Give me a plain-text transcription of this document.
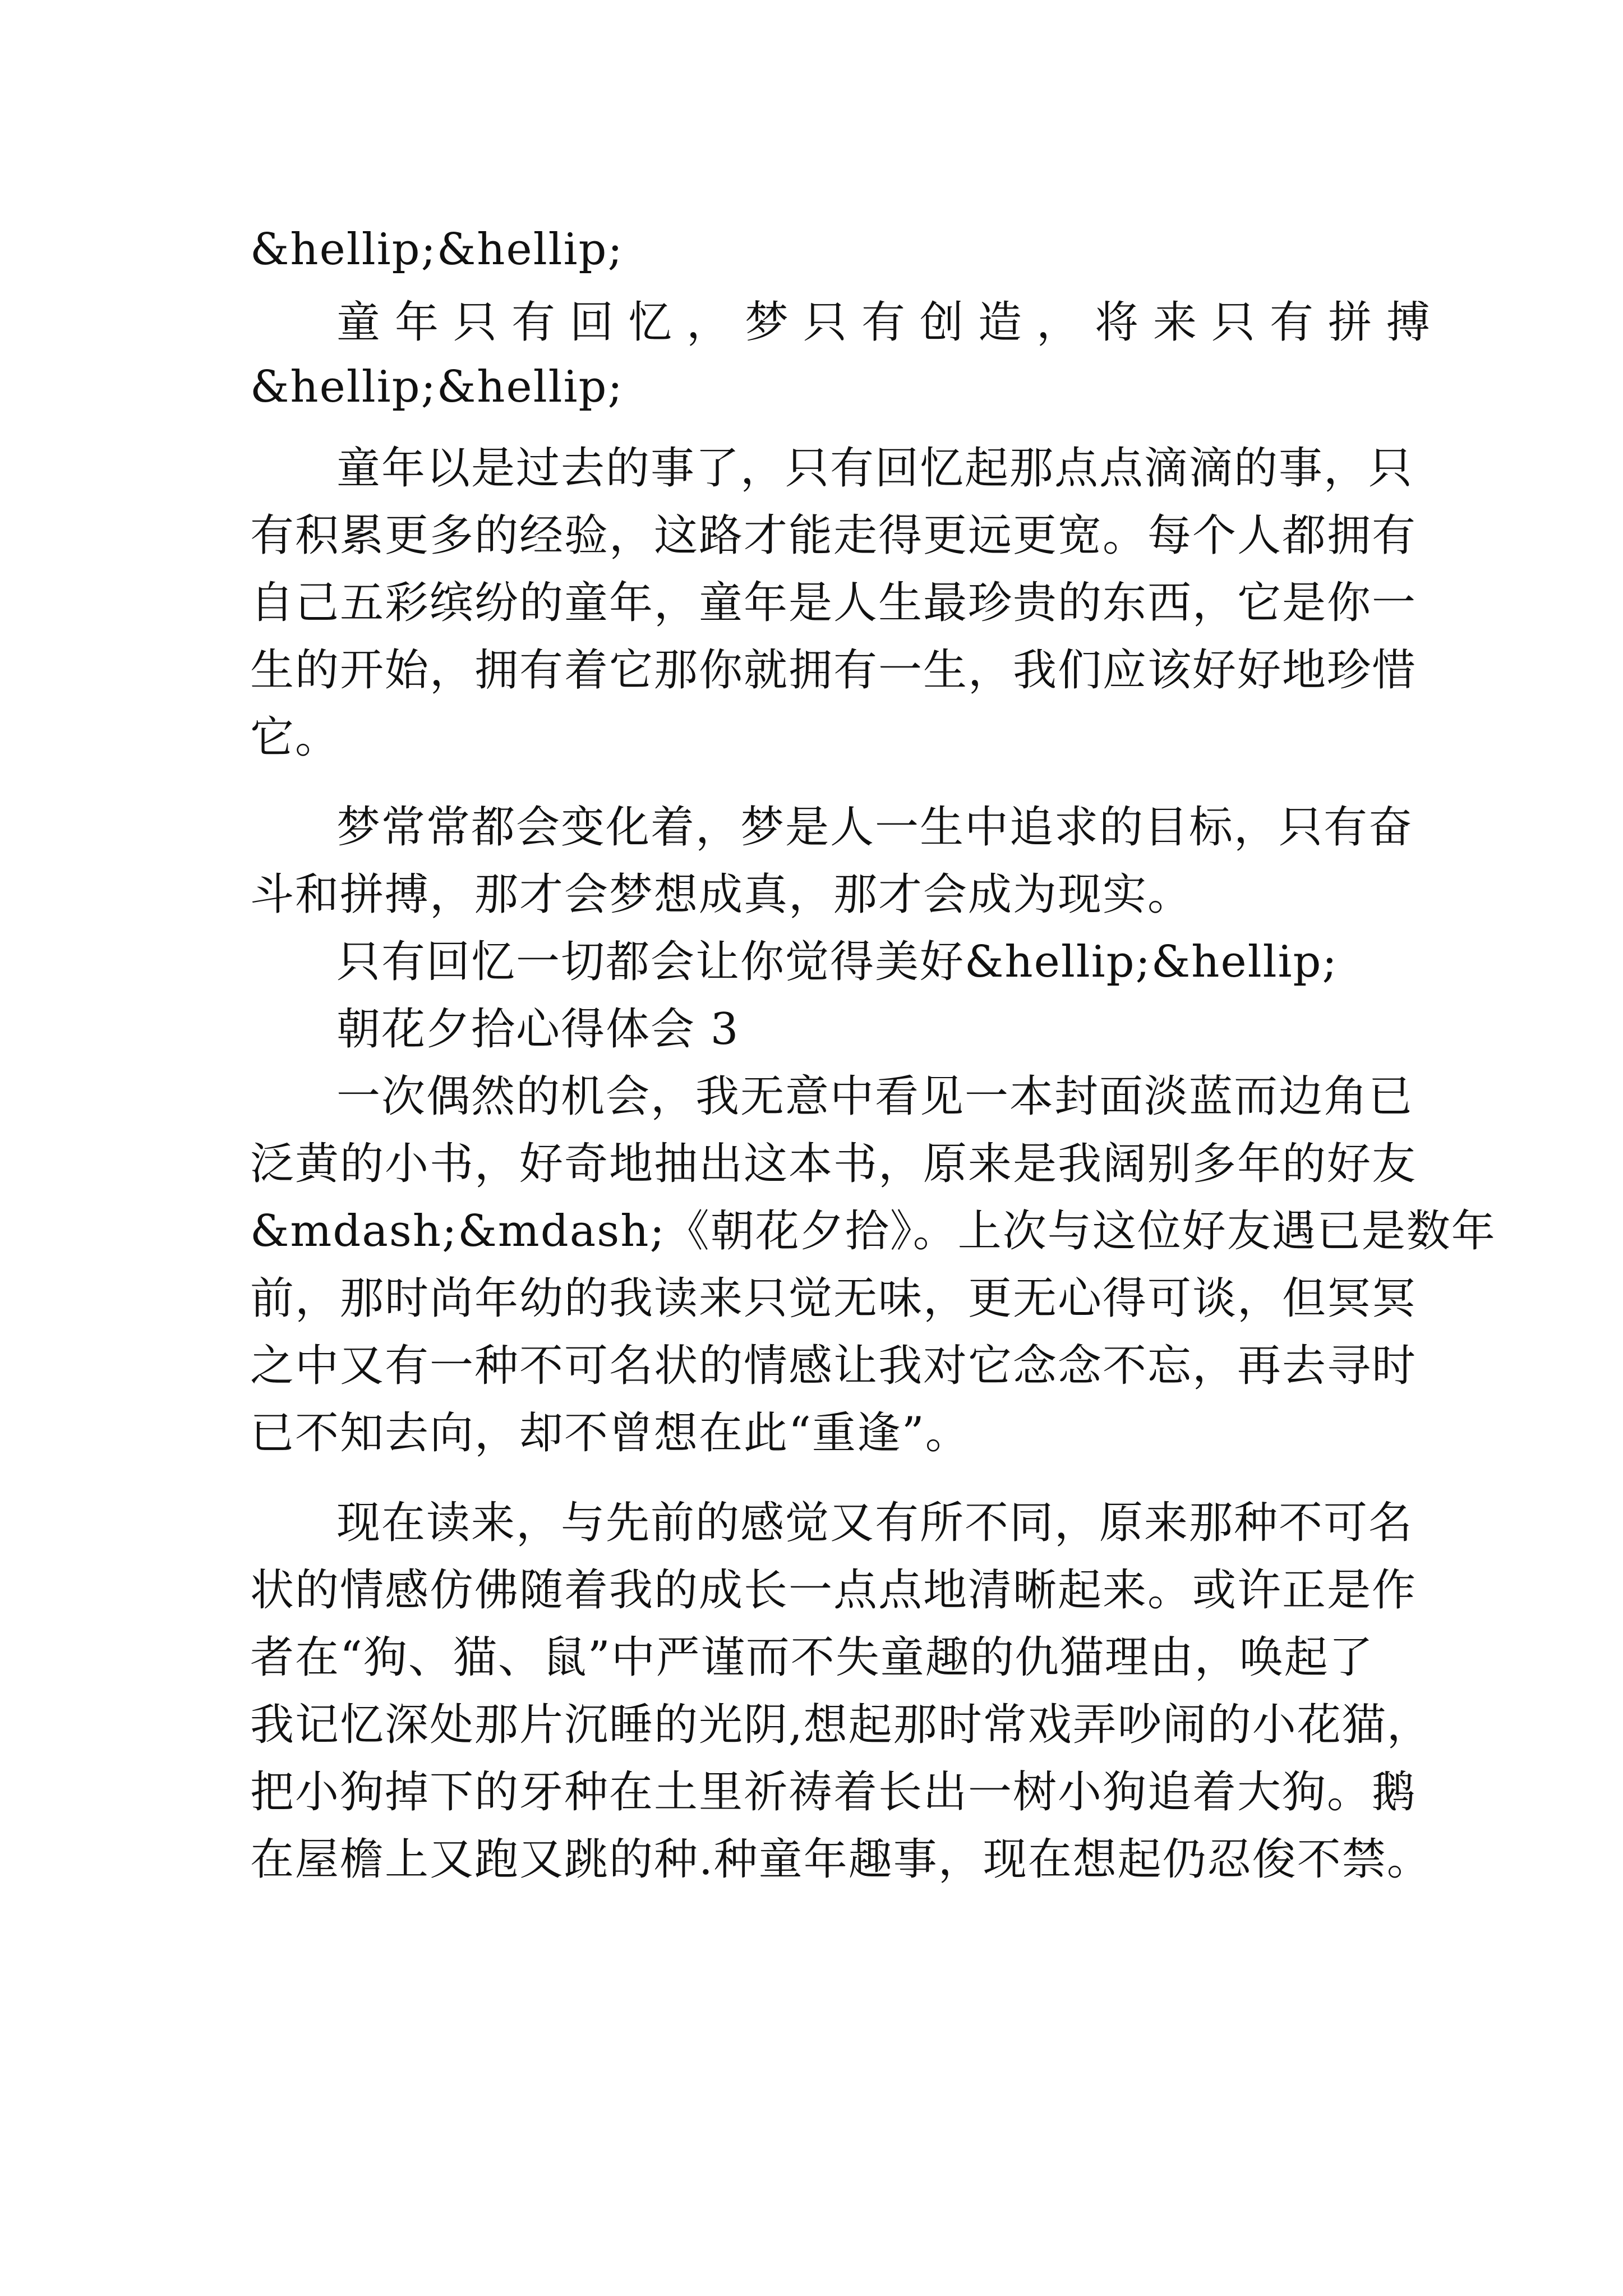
&hellip;&hellip;
童年只有回忆，梦只有创造，将来只有拼搏
&hellip;&hellip;
童年以是过去的事了，只有回忆起那点点滴滴的事，只
有积累更多的经验，这路才能走得更远更宽。每个人都拥有
自己五彩缤纷的童年，童年是人生最珍贵的东西，它是你一
生的开始，拥有着它那你就拥有一生，我们应该好好地珍惜
它。
梦常常都会变化着，梦是人一生中追求的目标，只有奋
斗和拼搏，那才会梦想成真，那才会成为现实。
只有回忆一切都会让你觉得美好&hellip;&hellip;
朝花夕拾心得体会 3
一次偶然的机会，我无意中看见一本封面淡蓝而边角已
泛黄的小书，好奇地抽出这本书，原来是我阔别多年的好友
&mdash;&mdash;《朝花夕拾》。上次与这位好友遇已是数年
前，那时尚年幼的我读来只觉无味，更无心得可谈，但冥冥
之中又有一种不可名状的情感让我对它念念不忘，再去寻时
已不知去向，却不曾想在此“重逢”。
现在读来，与先前的感觉又有所不同，原来那种不可名
状的情感仿佛随着我的成长一点点地清晰起来。或许正是作
者在“狗、猫、鼠”中严谨而不失童趣的仇猫理由，唤起了
我记忆深处那片沉睡的光阴,想起那时常戏弄吵闹的小花猫，
把小狗掉下的牙种在土里祈祷着长出一树小狗追着大狗。鹅
在屋檐上又跑又跳的种.种童年趣事，现在想起仍忍俊不禁。
